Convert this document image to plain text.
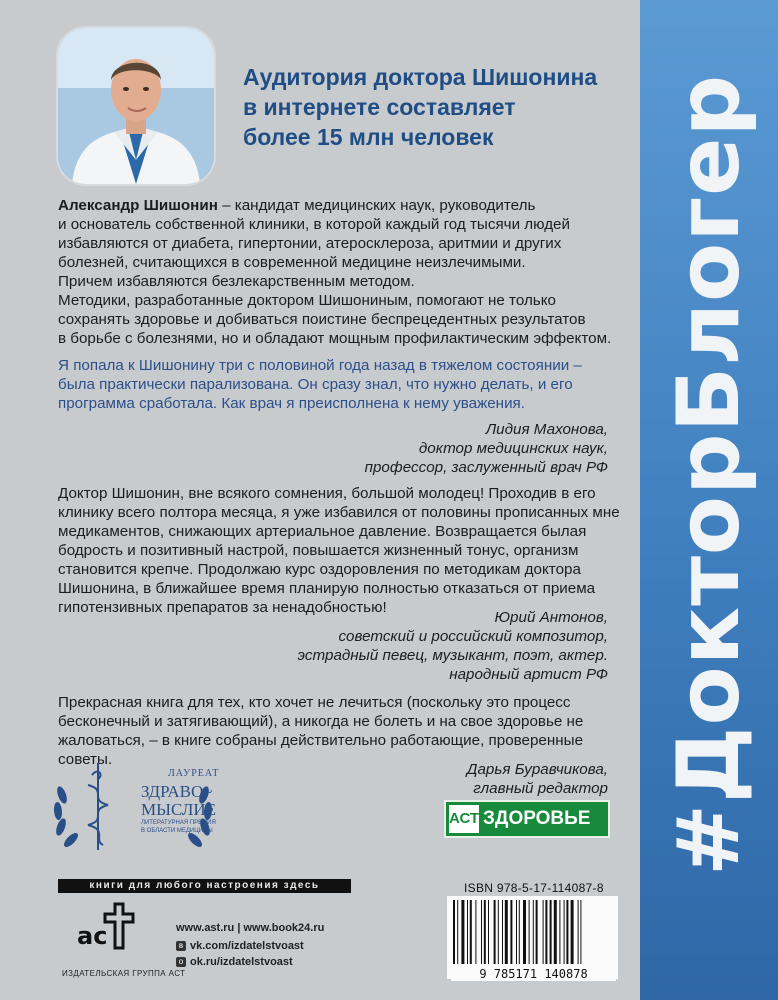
#ДокторБлогер
Аудитория доктора Шишонина
в интернете составляет
более 15 млн человек
Александр Шишонин – кандидат медицинских наук, руководитель
и основатель собственной клиники, в которой каждый год тысячи людей
избавляются от диабета, гипертонии, атеросклероза, аритмии и других
болезней, считающихся в современной медицине неизлечимыми.
Причем избавляются безлекарственным методом.
Методики, разработанные доктором Шишониным, помогают не только
сохранять здоровье и добиваться поистине беспрецедентных результатов
в борьбе с болезнями, но и обладают мощным профилактическим эффектом.
Я попала к Шишонину три с половиной года назад в тяжелом состоянии –
была практически парализована. Он сразу знал, что нужно делать, и его
программа сработала. Как врач я преисполнена к нему уважения.
Лидия Махонова,
доктор медицинских наук,
профессор, заслуженный врач РФ
Доктор Шишонин, вне всякого сомнения, большой молодец! Проходив в его
клинику всего полтора месяца, я уже избавился от половины прописанных мне
медикаментов, снижающих артериальное давление. Возвращается былая
бодрость и позитивный настрой, повышается жизненный тонус, организм
становится крепче. Продолжаю курс оздоровления по методикам доктора
Шишонина, в ближайшее время планирую полностью отказаться от приема
гипотензивных препаратов за ненадобностью!
Юрий Антонов,
советский и российский композитор,
эстрадный певец, музыкант, поэт, актер.
народный артист РФ
Прекрасная книга для тех, кто хочет не лечиться (поскольку это процесс
бесконечный и затягивающий), а никогда не болеть и на свое здоровье не
жаловаться, – в книге собраны действительно работающие, проверенные советы.
Дарья Буравчикова,
главный редактор
ЛАУРЕАТ
ЗДРАВО~
МЫСЛИЕ
ЛИТЕРАТУРНАЯ ПРЕМИЯ
В ОБЛАСТИ МЕДИЦИНЫ
АСТ ЗДОРОВЬЕ
книги для любого настроения здесь
ac
ИЗДАТЕЛЬСКАЯ ГРУППА АСТ
www.ast.ru | www.book24.ru
в vk.com/izdatelstvoast
о ok.ru/izdatelstvoast
ISBN 978-5-17-114087-8
9 785171 140878
